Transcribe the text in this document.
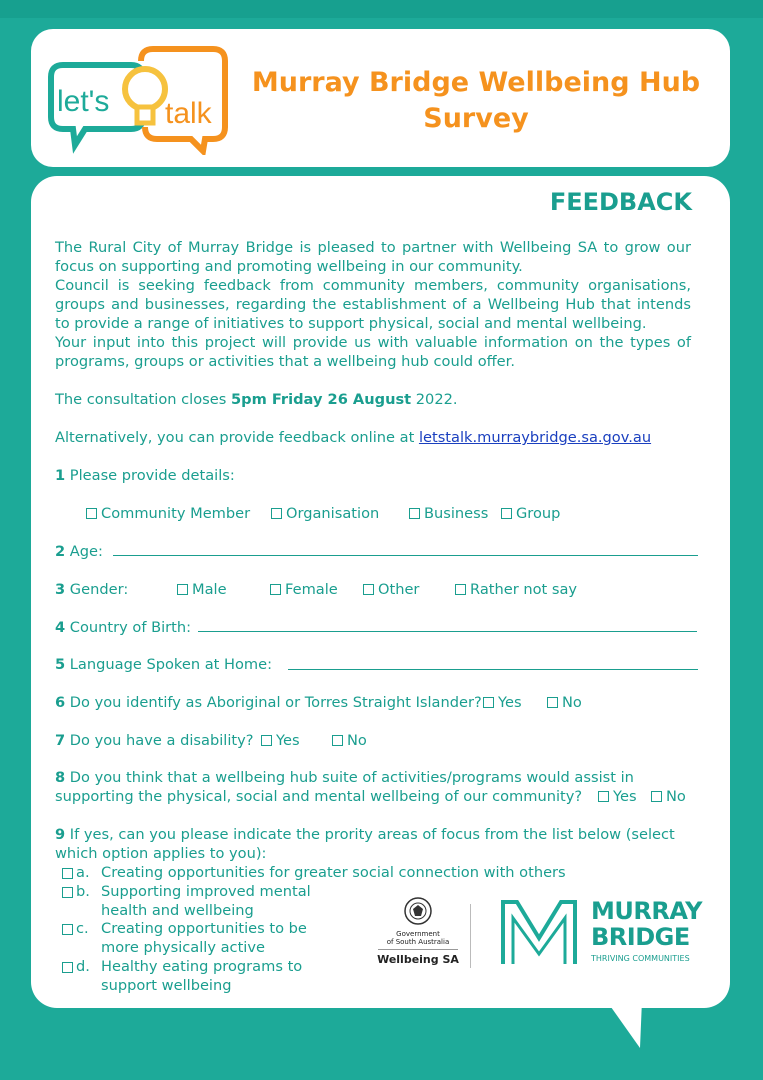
let's talk
Murray Bridge Wellbeing Hub Survey
FEEDBACK

The Rural City of Murray Bridge is pleased to partner with Wellbeing SA to grow our focus on supporting and promoting wellbeing in our community.

Council is seeking feedback from community members, community organisations, groups and businesses, regarding the establishment of a Wellbeing Hub that intends to provide a range of initiatives to support physical, social and mental wellbeing.

Your input into this project will provide us with valuable information on the types of programs, groups or activities that a wellbeing hub could offer.

The consultation closes 5pm Friday 26 August 2022.
Alternatively, you can provide feedback online at letstalk.murraybridge.sa.gov.au
1 Please provide details:
Community Member	Organisation	Business	Group
2 Age:
3 Gender:	Male	Female	Other	Rather not say
4 Country of Birth:
5 Language Spoken at Home:
6 Do you identify as Aboriginal or Torres Straight Islander?	Yes	No
7 Do you have a disability?	Yes	No
8 Do you think that a wellbeing hub suite of activities/programs would assist in
supporting the physical, social and mental wellbeing of our community?	Yes	No
9 If yes, can you please indicate the prority areas of focus from the list below (select
which option applies to you):
a. Creating opportunities for greater social connection with others
b. Supporting improved mental
health and wellbeing
c. Creating opportunities to be
more physically active
d. Healthy eating programs to
support wellbeing
Government
of South Australia
Wellbeing SA
MURRAY
BRIDGE
THRIVING COMMUNITIES
